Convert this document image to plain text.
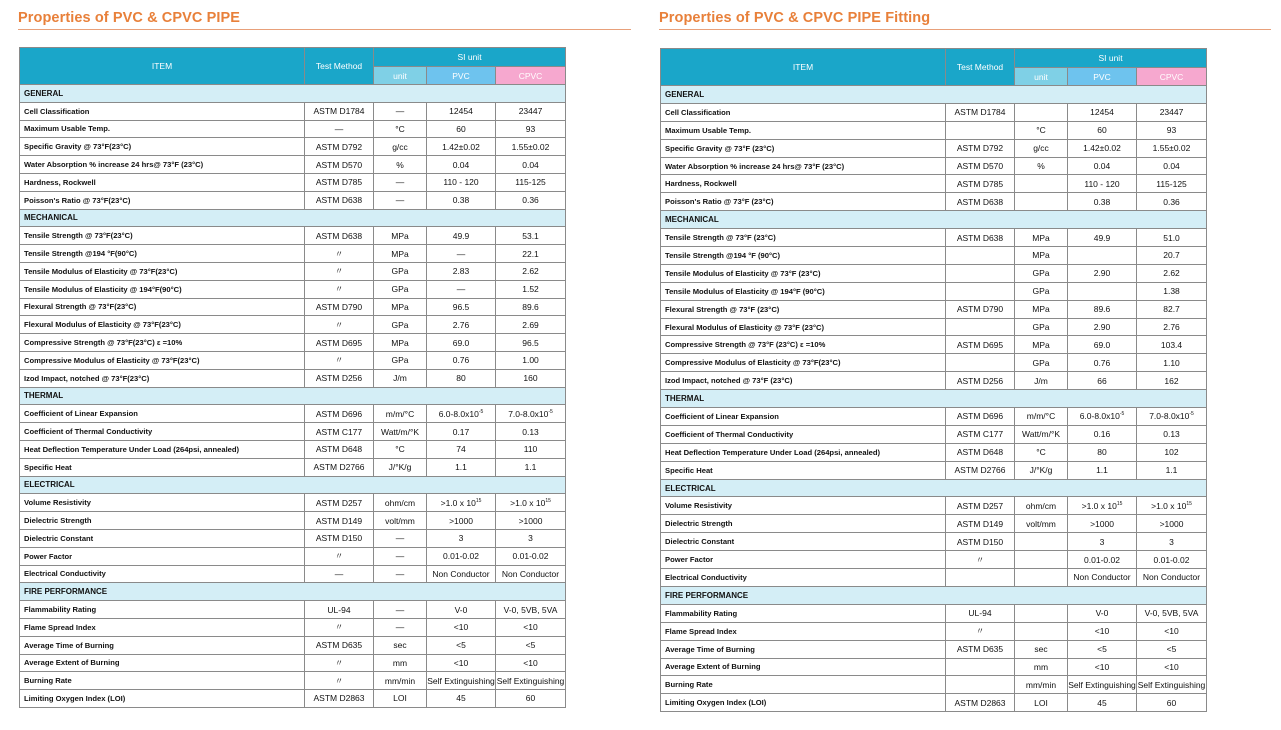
Properties of PVC & CPVC PIPE
ITEM	Test Method	SI unit		
		unit	PVC	CPVC
GENERAL				
Cell Classification	ASTM D1784	—	12454	23447
Maximum Usable Temp.	—	°C	60	93
Specific Gravity @ 73°F(23°C)	ASTM D792	g/cc	1.42±0.02	1.55±0.02
Water Absorption % increase 24 hrs@ 73°F (23°C)	ASTM D570	%	0.04	0.04
Hardness, Rockwell	ASTM D785	—	110 - 120	115-125
Poisson's Ratio @ 73°F(23°C)	ASTM D638	—	0.38	0.36
MECHANICAL				
Tensile Strength @ 73°F(23°C)	ASTM D638	MPa	49.9	53.1
Tensile Strength @194 °F(90°C)	〃	MPa	—	22.1
Tensile Modulus of Elasticity @ 73°F(23°C)	〃	GPa	2.83	2.62
Tensile Modulus of Elasticity @ 194°F(90°C)	〃	GPa	—	1.52
Flexural Strength @ 73°F(23°C)	ASTM D790	MPa	96.5	89.6
Flexural Modulus of Elasticity @ 73°F(23°C)	〃	GPa	2.76	2.69
Compressive Strength @ 73°F(23°C) ε =10%	ASTM D695	MPa	69.0	96.5
Compressive Modulus of Elasticity @ 73°F(23°C)	〃	GPa	0.76	1.00
Izod Impact, notched @ 73°F(23°C)	ASTM D256	J/m	80	160
THERMAL				
Coefficient of Linear Expansion	ASTM D696	m/m/°C	$6.0-8.0x10^{-5}$	$7.0-8.0x10^{-5}$
Coefficient of Thermal Conductivity	ASTM C177	Watt/m/°K	0.17	0.13
Heat Deflection Temperature Under Load (264psi, annealed)	ASTM D648	°C	74	110
Specific Heat	ASTM D2766	J/°K/g	1.1	1.1
ELECTRICAL				
Volume Resistivity	ASTM D257	ohm/cm	>1.0 x $10^{15}$	>1.0 x $10^{15}$
Dielectric Strength	ASTM D149	volt/mm	>1000	>1000
Dielectric Constant	ASTM D150	—	3	3
Power Factor	〃	—	0.01-0.02	0.01-0.02
Electrical Conductivity	—	—	Non Conductor	Non Conductor
FIRE PERFORMANCE				
Flammability Rating	UL-94	—	V-0	V-0, 5VB, 5VA
Flame Spread Index	〃	—	<10	<10
Average Time of Burning	ASTM D635	sec	<5	<5
Average Extent of Burning	〃	mm	<10	<10
Burning Rate	〃	mm/min	Self Extinguishing	Self Extinguishing
Limiting Oxygen Index (LOI)	ASTM D2863	LOI	45	60
Properties of PVC & CPVC PIPE Fitting
ITEM	Test Method	SI unit		
		unit	PVC	CPVC
GENERAL				
Cell Classification	ASTM D1784		12454	23447
Maximum Usable Temp.		°C	60	93
Specific Gravity @ 73°F (23°C)	ASTM D792	g/cc	1.42±0.02	1.55±0.02
Water Absorption % increase 24 hrs@ 73°F (23°C)	ASTM D570	%	0.04	0.04
Hardness, Rockwell	ASTM D785		110 - 120	115-125
Poisson's Ratio @ 73°F (23°C)	ASTM D638		0.38	0.36
MECHANICAL				
Tensile Strength @ 73°F (23°C)	ASTM D638	MPa	49.9	51.0
Tensile Strength @194 °F (90°C)		MPa		20.7
Tensile Modulus of Elasticity @ 73°F (23°C)		GPa	2.90	2.62
Tensile Modulus of Elasticity @ 194°F (90°C)		GPa		1.38
Flexural Strength @ 73°F (23°C)	ASTM D790	MPa	89.6	82.7
Flexural Modulus of Elasticity @ 73°F (23°C)		GPa	2.90	2.76
Compressive Strength @ 73°F (23°C) ε =10%	ASTM D695	MPa	69.0	103.4
Compressive Modulus of Elasticity @ 73°F(23°C)		GPa	0.76	1.10
Izod Impact, notched @ 73°F (23°C)	ASTM D256	J/m	66	162
THERMAL				
Coefficient of Linear Expansion	ASTM D696	m/m/°C	$6.0-8.0x10^{-5}$	$7.0-8.0x10^{-5}$
Coefficient of Thermal Conductivity	ASTM C177	Watt/m/°K	0.16	0.13
Heat Deflection Temperature Under Load (264psi, annealed)	ASTM D648	°C	80	102
Specific Heat	ASTM D2766	J/°K/g	1.1	1.1
ELECTRICAL				
Volume Resistivity	ASTM D257	ohm/cm	>1.0 x $10^{15}$	>1.0 x $10^{15}$
Dielectric Strength	ASTM D149	volt/mm	>1000	>1000
Dielectric Constant	ASTM D150		3	3
Power Factor	〃		0.01-0.02	0.01-0.02
Electrical Conductivity			Non Conductor	Non Conductor
FIRE PERFORMANCE				
Flammability Rating	UL-94		V-0	V-0, 5VB, 5VA
Flame Spread Index	〃		<10	<10
Average Time of Burning	ASTM D635	sec	<5	<5
Average Extent of Burning		mm	<10	<10
Burning Rate		mm/min	Self Extinguishing	Self Extinguishing
Limiting Oxygen Index (LOI)	ASTM D2863	LOI	45	60
